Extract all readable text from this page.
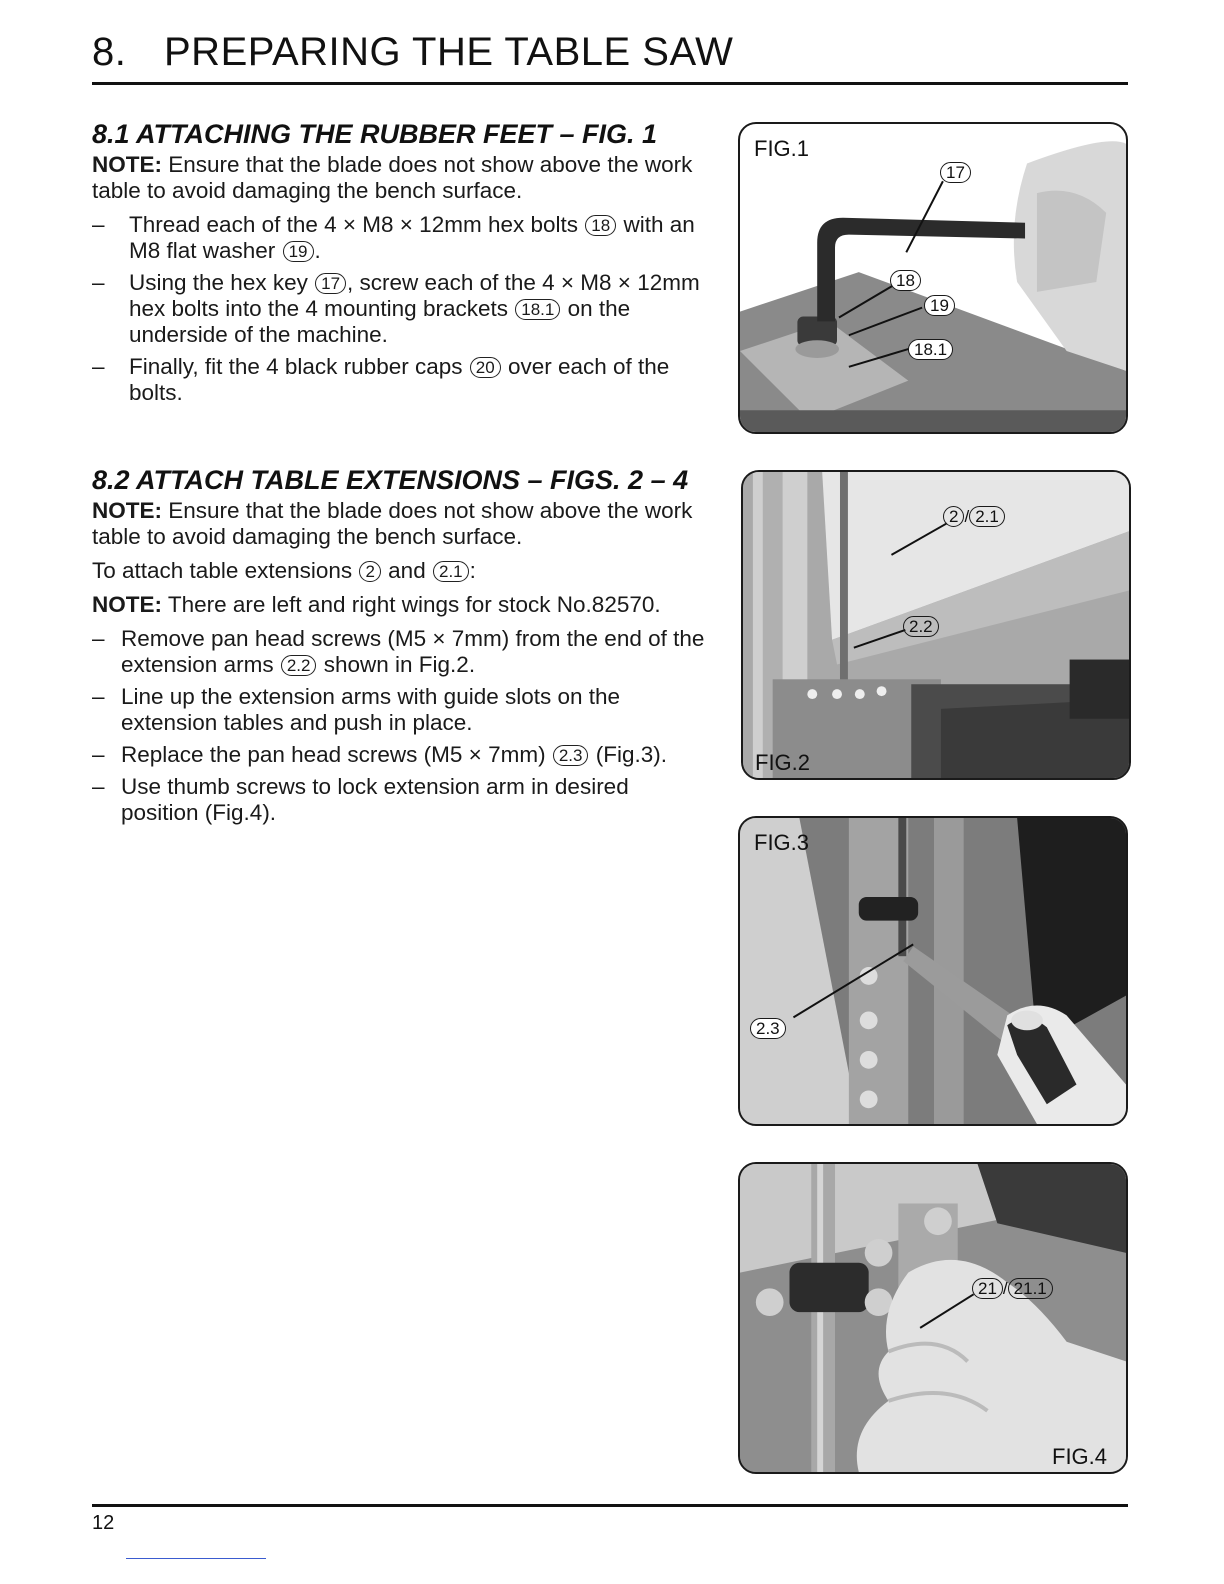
8. PREPARING THE TABLE SAW
8.1 ATTACHING THE RUBBER FEET – FIG. 1

NOTE: Ensure that the blade does not show above the work table to avoid damaging the bench surface.

– Thread each of the 4 × M8 × 12mm hex bolts 18 with an M8 flat washer 19 .
– Using the hex key 17 , screw each of the 4 × M8 × 12mm hex bolts into the 4 mounting brackets 18.1 on the underside of the machine.
– Finally, fit the 4 black rubber caps 20 over each of the bolts.
8.2 ATTACH TABLE EXTENSIONS – FIGS. 2 – 4

NOTE: Ensure that the blade does not show above the work table to avoid damaging the bench surface.

To attach table extensions 2 and 2.1 :

NOTE: There are left and right wings for stock No.82570.

– Remove pan head screws (M5 × 7mm) from the end of the extension arms 2.2 shown in Fig.2.
– Line up the extension arms with guide slots on the extension tables and push in place.
– Replace the pan head screws (M5 × 7mm) 2.3 (Fig.3).
– Use thumb screws to lock extension arm in desired position (Fig.4).
FIG.1
17
18
19
18.1
FIG.2
2 / 2.1
2.2
FIG.3
2.3
FIG.4
21 / 21.1
12
